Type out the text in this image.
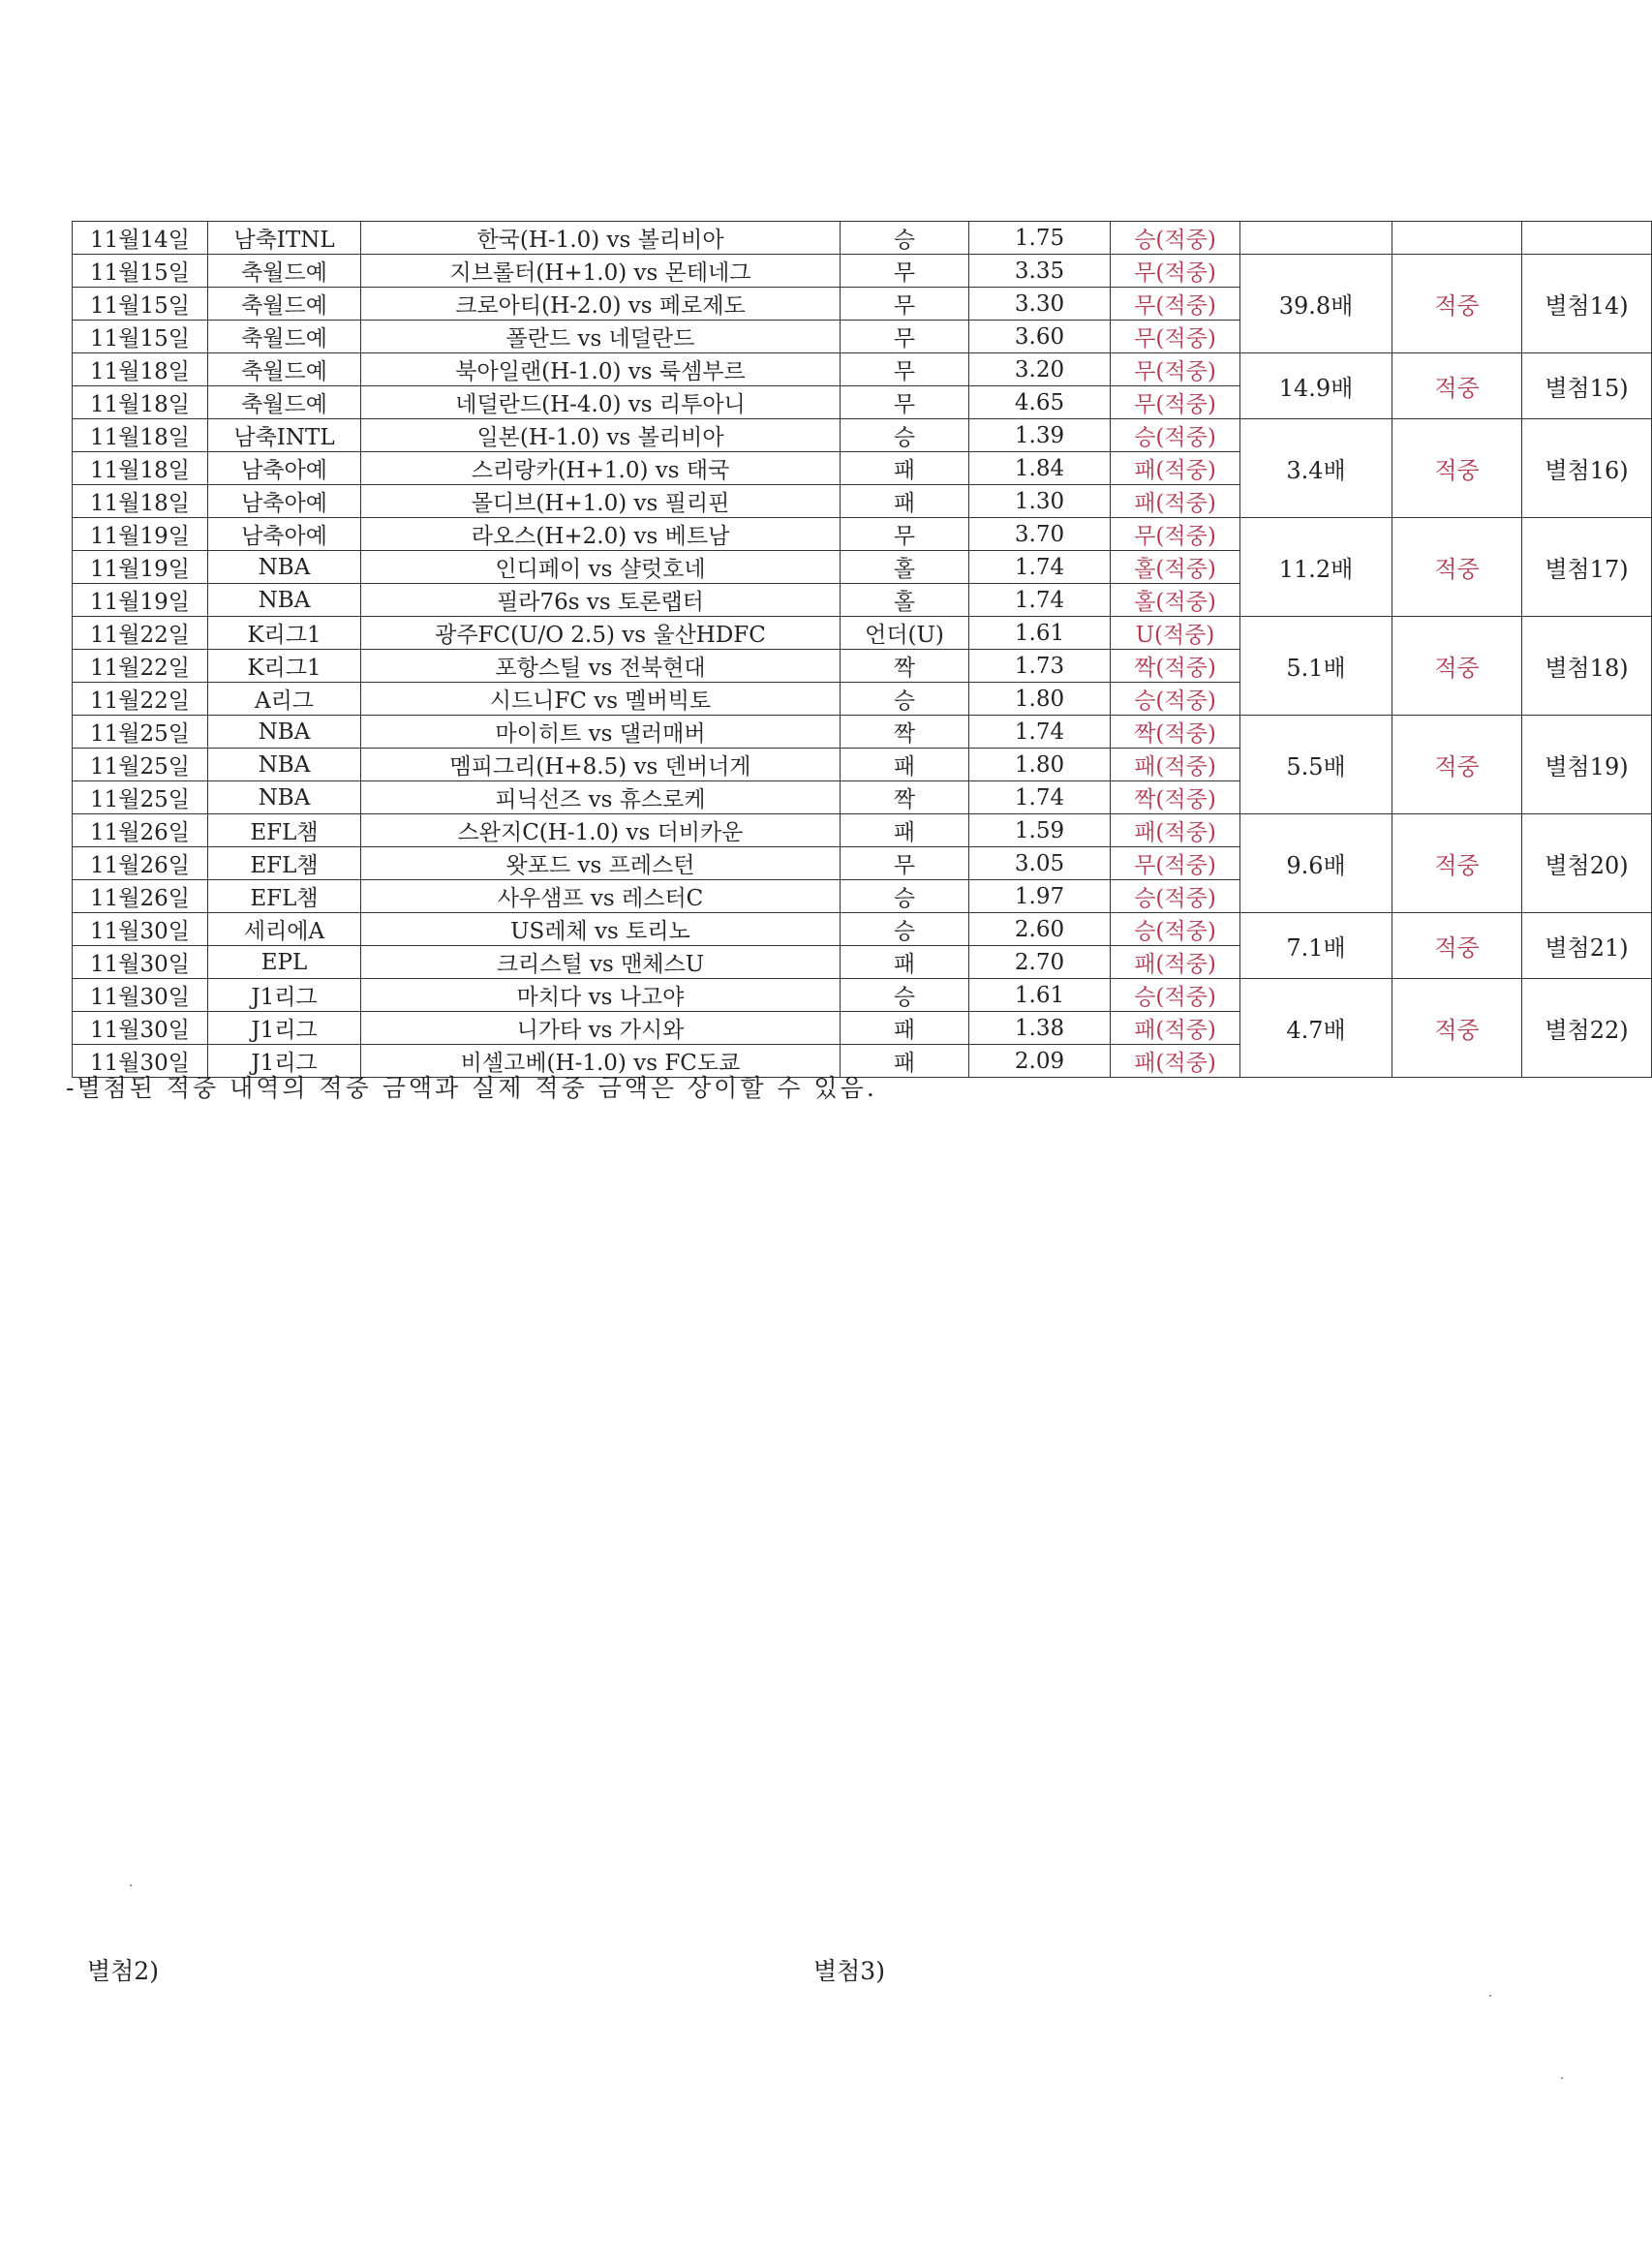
11월14일	남축ITNL	한국(H-1.0) vs 볼리비아	승	1.75	승(적중)			
11월15일	축월드예	지브롤터(H+1.0) vs 몬테네그	무	3.35	무(적중)	39.8배	적중	별첨14)
11월15일	축월드예	크로아티(H-2.0) vs 페로제도	무	3.30	무(적중)			
11월15일	축월드예	폴란드 vs 네덜란드	무	3.60	무(적중)			
11월18일	축월드예	북아일랜(H-1.0) vs 룩셈부르	무	3.20	무(적중)	14.9배	적중	별첨15)
11월18일	축월드예	네덜란드(H-4.0) vs 리투아니	무	4.65	무(적중)			
11월18일	남축INTL	일본(H-1.0) vs 볼리비아	승	1.39	승(적중)	3.4배	적중	별첨16)
11월18일	남축아예	스리랑카(H+1.0) vs 태국	패	1.84	패(적중)			
11월18일	남축아예	몰디브(H+1.0) vs 필리핀	패	1.30	패(적중)			
11월19일	남축아예	라오스(H+2.0) vs 베트남	무	3.70	무(적중)	11.2배	적중	별첨17)
11월19일	NBA	인디페이 vs 샬럿호네	홀	1.74	홀(적중)			
11월19일	NBA	필라76s vs 토론랩터	홀	1.74	홀(적중)			
11월22일	K리그1	광주FC(U/O 2.5) vs 울산HDFC	언더(U)	1.61	U(적중)	5.1배	적중	별첨18)
11월22일	K리그1	포항스틸 vs 전북현대	짝	1.73	짝(적중)			
11월22일	A리그	시드니FC vs 멜버빅토	승	1.80	승(적중)			
11월25일	NBA	마이히트 vs 댈러매버	짝	1.74	짝(적중)	5.5배	적중	별첨19)
11월25일	NBA	멤피그리(H+8.5) vs 덴버너게	패	1.80	패(적중)			
11월25일	NBA	피닉선즈 vs 휴스로케	짝	1.74	짝(적중)			
11월26일	EFL챔	스완지C(H-1.0) vs 더비카운	패	1.59	패(적중)	9.6배	적중	별첨20)
11월26일	EFL챔	왓포드 vs 프레스턴	무	3.05	무(적중)			
11월26일	EFL챔	사우샘프 vs 레스터C	승	1.97	승(적중)			
11월30일	세리에A	US레체 vs 토리노	승	2.60	승(적중)	7.1배	적중	별첨21)
11월30일	EPL	크리스털 vs 맨체스U	패	2.70	패(적중)			
11월30일	J1리그	마치다 vs 나고야	승	1.61	승(적중)	4.7배	적중	별첨22)
11월30일	J1리그	니가타 vs 가시와	패	1.38	패(적중)			
11월30일	J1리그	비셀고베(H-1.0) vs FC도쿄	패	2.09	패(적중)			
-별첨된 적중 내역의 적중 금액과 실제 적중 금액은 상이할 수 있음.
별첨2)	별첨3)
